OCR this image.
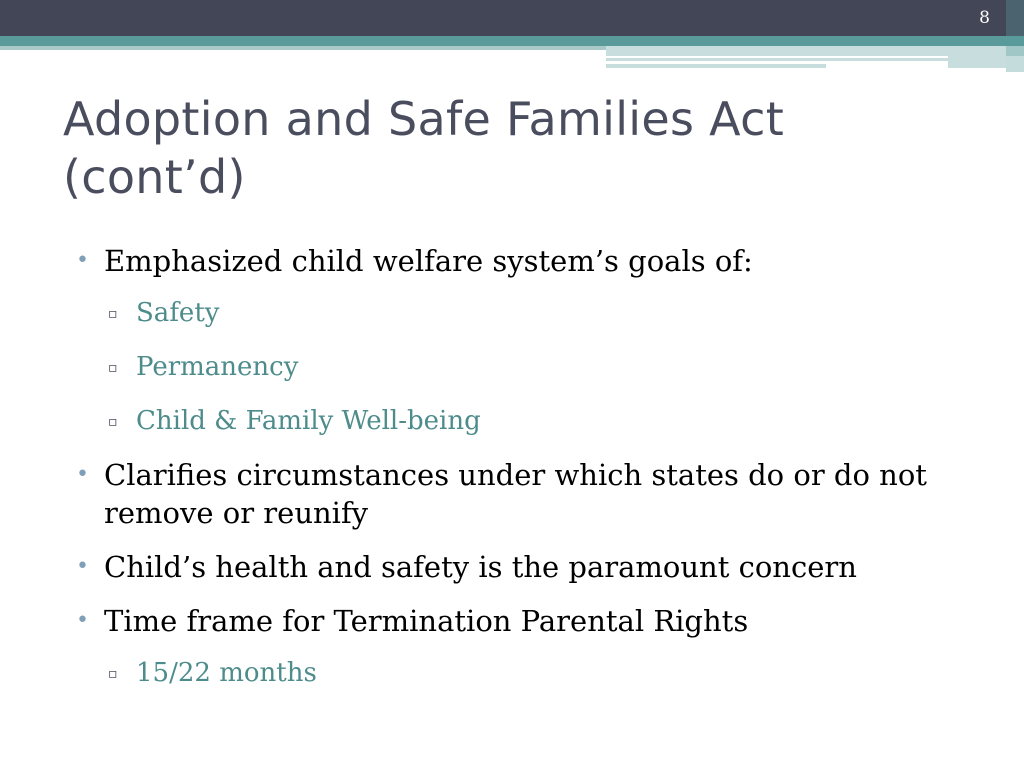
8
Adoption and Safe Families Act
(cont’d)
• Emphasized child welfare system’s goals of:
▫ Safety
▫ Permanency
▫ Child & Family Well-being
• Clarifies circumstances under which states do or do not remove or reunify
• Child’s health and safety is the paramount concern
• Time frame for Termination Parental Rights
▫ 15/22 months
